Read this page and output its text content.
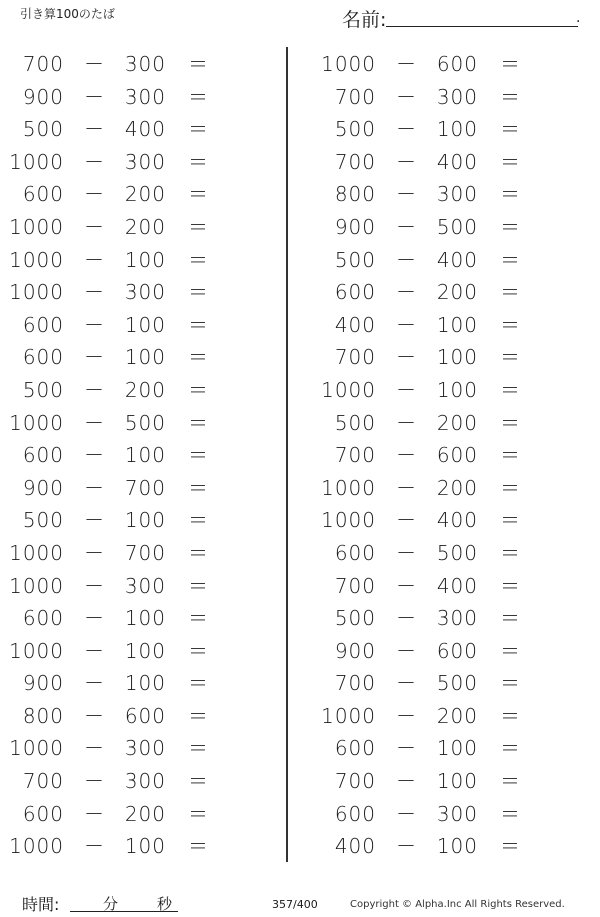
引き算100のたば	名前:	.
700 － 300 ＝
900 － 300 ＝
500 － 400 ＝
1000 － 300 ＝
600 － 200 ＝
1000 － 200 ＝
1000 － 100 ＝
1000 － 300 ＝
600 － 100 ＝
600 － 100 ＝
500 － 200 ＝
1000 － 500 ＝
600 － 100 ＝
900 － 700 ＝
500 － 100 ＝
1000 － 700 ＝
1000 － 300 ＝
600 － 100 ＝
1000 － 100 ＝
900 － 100 ＝
800 － 600 ＝
1000 － 300 ＝
700 － 300 ＝
600 － 200 ＝
1000 － 100 ＝
1000 － 600 ＝
700 － 300 ＝
500 － 100 ＝
700 － 400 ＝
800 － 300 ＝
900 － 500 ＝
500 － 400 ＝
600 － 200 ＝
400 － 100 ＝
700 － 100 ＝
1000 － 100 ＝
500 － 200 ＝
700 － 600 ＝
1000 － 200 ＝
1000 － 400 ＝
600 － 500 ＝
700 － 400 ＝
500 － 300 ＝
900 － 600 ＝
700 － 500 ＝
1000 － 200 ＝
600 － 100 ＝
700 － 100 ＝
600 － 300 ＝
400 － 100 ＝
時間:	分	秒	357/400	Copyright © Alpha.Inc All Rights Reserved.
